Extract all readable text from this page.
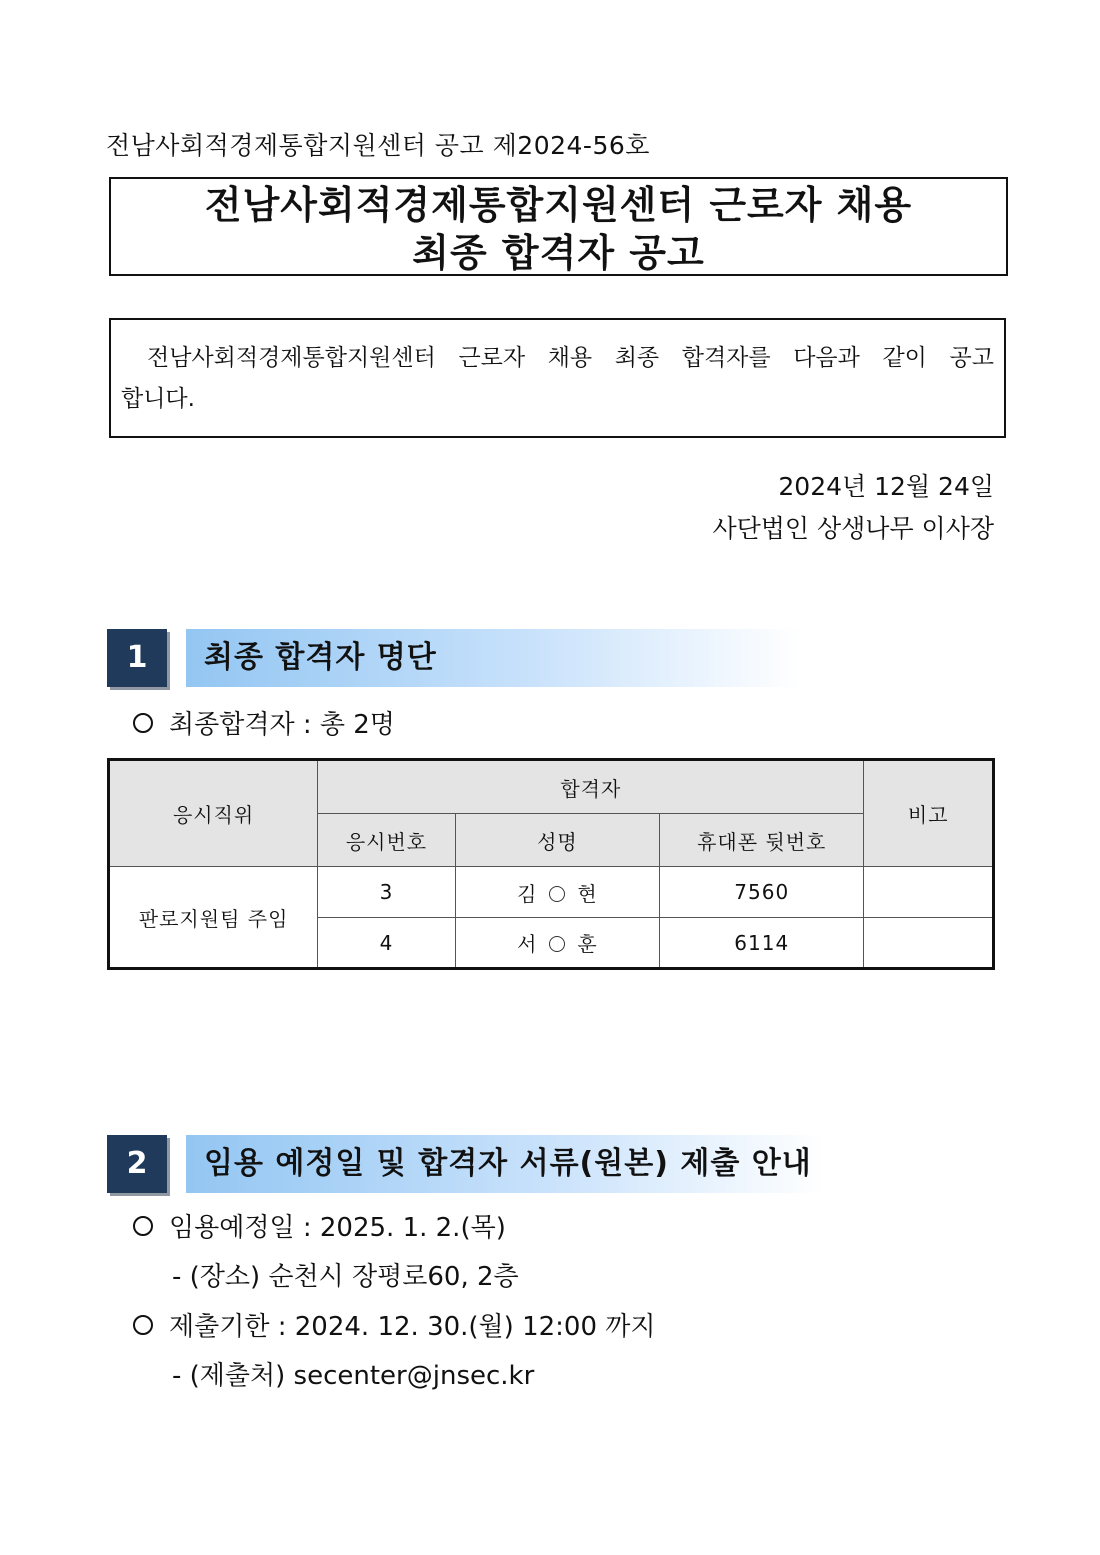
전남사회적경제통합지원센터 공고 제2024-56호
전남사회적경제통합지원센터 근로자 채용
최종 합격자 공고
전남사회적경제통합지원센터 근로자 채용 최종 합격자를 다음과 같이 공고
합니다.
2024년 12월 24일
사단법인 상생나무 이사장
1	최종 합격자 명단
최종합격자 : 총 2명
응시직위	합격자			비고
	응시번호	성명	휴대폰 뒷번호	
판로지원팀 주임	3	김 현	7560	
	4	서 훈	6114	
2	임용 예정일 및 합격자 서류(원본) 제출 안내
임용예정일 : 2025. 1. 2.(목)
- (장소) 순천시 장평로60, 2층
제출기한 : 2024. 12. 30.(월) 12:00 까지
- (제출처) secenter@jnsec.kr
